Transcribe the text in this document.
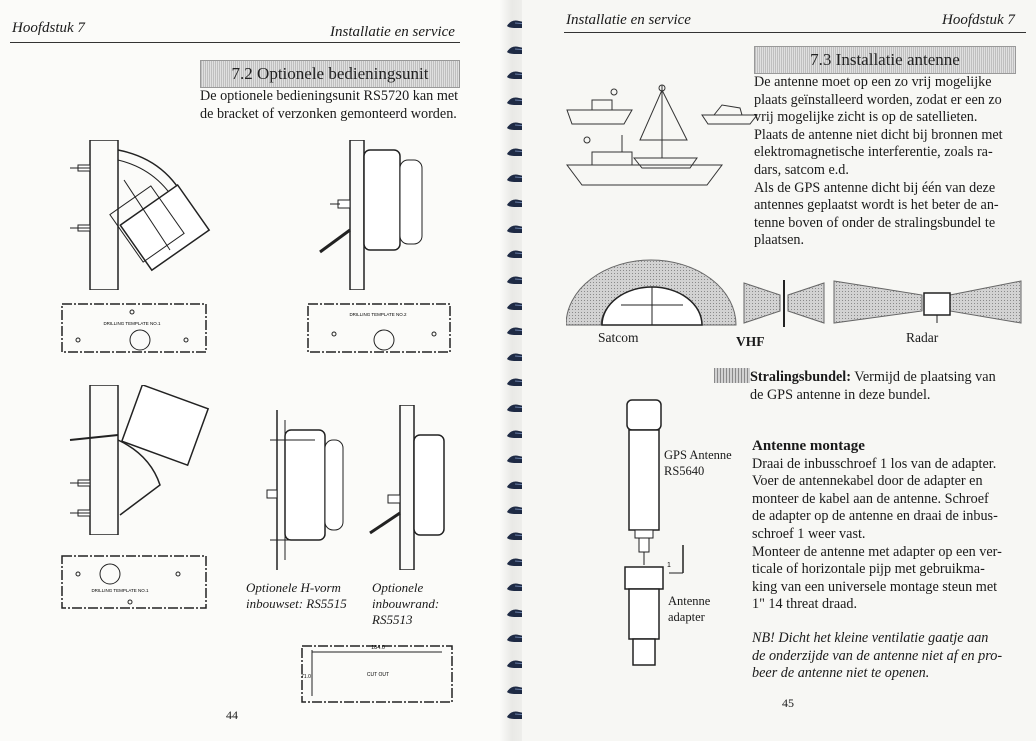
Hoofdstuk 7	Installatie en service
7.2 Optionele bedieningsunit
De optionele bedieningsunit RS5720 kan met de bracket of verzonken gemonteerd worden.
DRILLING TEMPLATE NO.1
DRILLING TEMPLATE NO.2
DRILLING TEMPLATE NO.1	Optionele H-vorm
inbouwset: RS5515
Optionele
inbouwrand:
RS5513
184.0
71.0	CUT OUT
44
Installatie en service	Hoofdstuk 7
7.3 Installatie antenne

De antenne moet op een zo vrij mogelijke

plaats geïnstalleerd worden, zodat er een zo

vrij mogelijke zicht is op de satellieten.

Plaats de antenne niet dicht bij bronnen met

elektromagnetische interferentie, zoals ra-

dars, satcom e.d.

Als de GPS antenne dicht bij één van deze

antennes geplaatst wordt is het beter de an-

tenne boven of onder de stralingsbundel te

plaatsen.

Satcom	VHF	Radar

Stralingsbundel: Vermijd de plaatsing van

de GPS antenne in deze bundel.

1
GPS Antenne
RS5640
Antenne
adapter

Antenne montage

Draai de inbusschroef 1 los van de adapter.

Voer de antennekabel door de adapter en

monteer de kabel aan de antenne. Schroef

de adapter op de antenne en draai de inbus-

schroef 1 weer vast.

Monteer de antenne met adapter op een ver-

ticale of horizontale pijp met gebruikma-

king van een universele montage steun met

1" 14 threat draad.

NB! Dicht het kleine ventilatie gaatje aan

de onderzijde van de antenne niet af en pro-

beer de antenne niet te openen.

45
